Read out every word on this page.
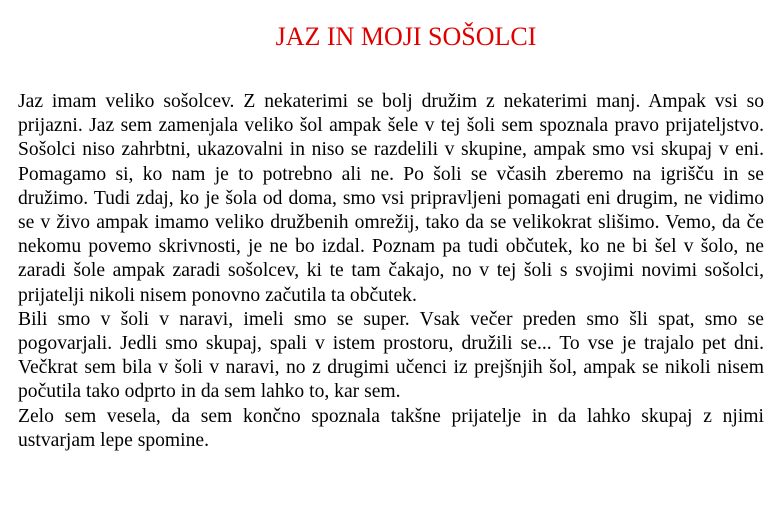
JAZ IN MOJI SOŠOLCI

Jaz imam veliko sošolcev. Z nekaterimi se bolj družim z nekaterimi manj. Ampak vsi so prijazni. Jaz sem zamenjala veliko šol ampak šele v tej šoli sem spoznala pravo prijateljstvo. Sošolci niso zahrbtni, ukazovalni in niso se razdelili v skupine, ampak smo vsi skupaj v eni. Pomagamo si, ko nam je to potrebno ali ne. Po šoli se včasih zberemo na igrišču in se družimo. Tudi zdaj, ko je šola od doma, smo vsi pripravljeni pomagati eni drugim, ne vidimo se v živo ampak imamo veliko družbenih omrežij, tako da se velikokrat slišimo. Vemo, da če nekomu povemo skrivnosti, je ne bo izdal. Poznam pa tudi občutek, ko ne bi šel v šolo, ne zaradi šole ampak zaradi sošolcev, ki te tam čakajo, no v tej šoli s svojimi novimi sošolci, prijatelji nikoli nisem ponovno začutila ta občutek.

Bili smo v šoli v naravi, imeli smo se super. Vsak večer preden smo šli spat, smo se pogovarjali. Jedli smo skupaj, spali v istem prostoru, družili se... To vse je trajalo pet dni. Večkrat sem bila v šoli v naravi, no z drugimi učenci iz prejšnjih šol, ampak se nikoli nisem počutila tako odprto in da sem lahko to, kar sem.

Zelo sem vesela, da sem končno spoznala takšne prijatelje in da lahko skupaj z njimi ustvarjam lepe spomine.
